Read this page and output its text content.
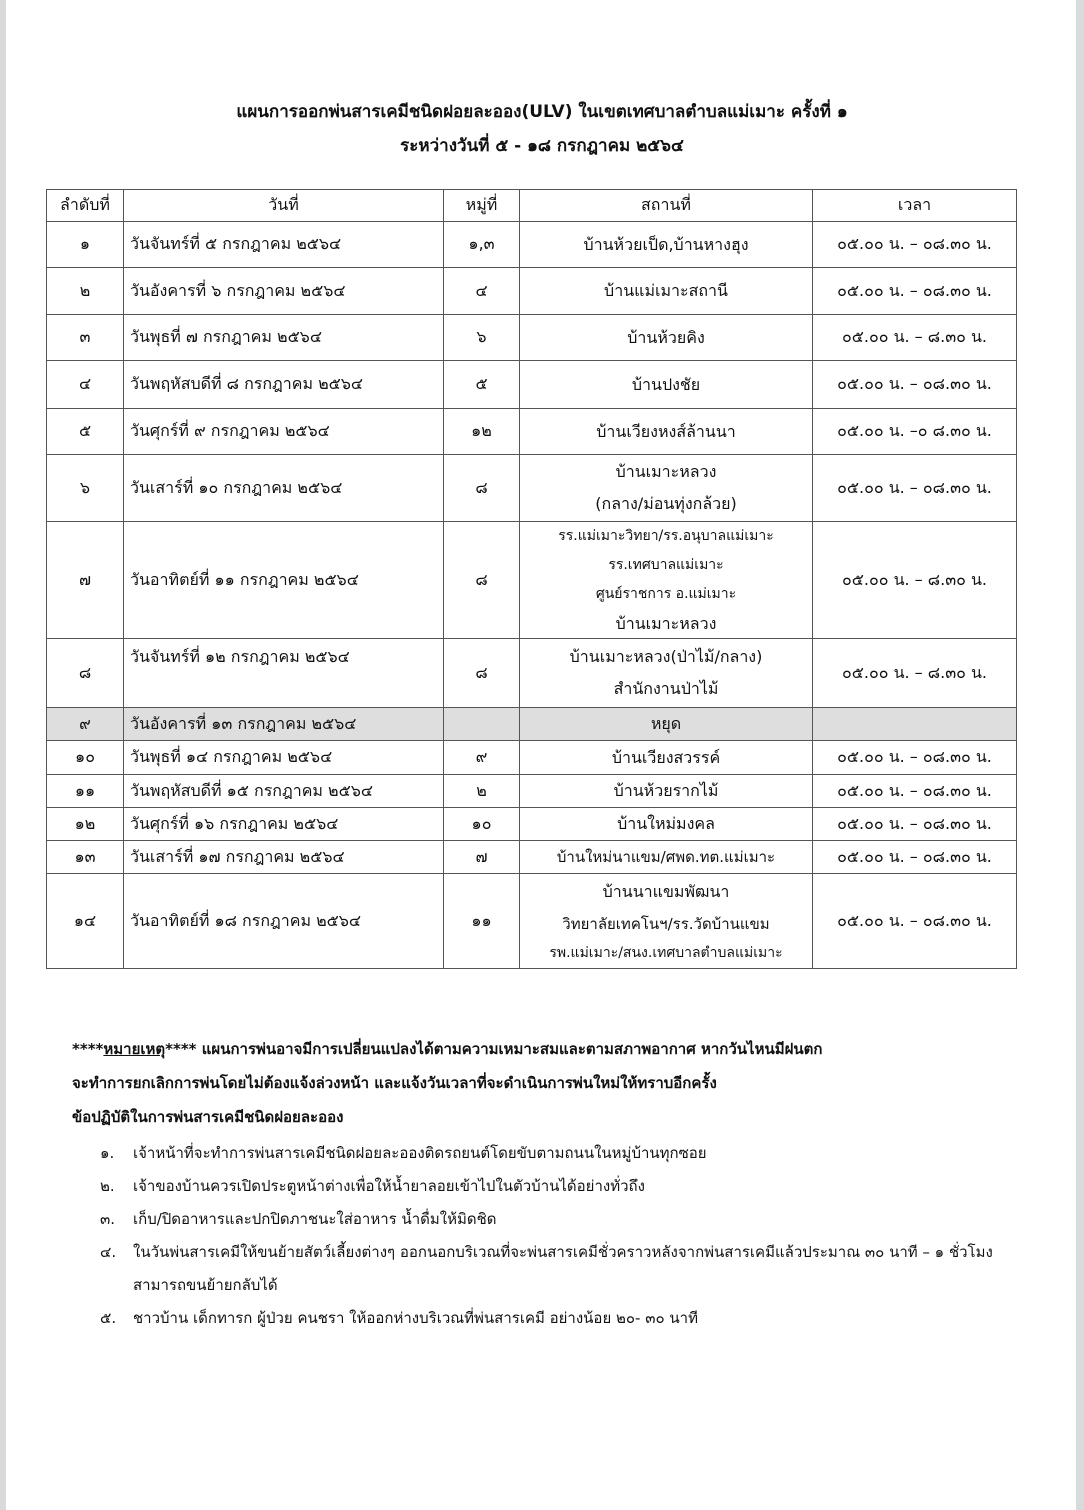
แผนการออกพ่นสารเคมีชนิดฝอยละออง(ULV) ในเขตเทศบาลตำบลแม่เมาะ ครั้งที่ ๑
ระหว่างวันที่ ๕ - ๑๘ กรกฎาคม ๒๕๖๔
ลำดับที่	วันที่	หมู่ที่	สถานที่	เวลา
๑	วันจันทร์ที่ ๕ กรกฎาคม ๒๕๖๔	๑,๓	บ้านห้วยเป็ด,บ้านหางฮุง	๐๕.๐๐ น. – ๐๘.๓๐ น.
๒	วันอังคารที่ ๖ กรกฎาคม ๒๕๖๔	๔	บ้านแม่เมาะสถานี	๐๕.๐๐ น. – ๐๘.๓๐ น.
๓	วันพุธที่ ๗ กรกฎาคม ๒๕๖๔	๖	บ้านห้วยคิง	๐๕.๐๐ น. – ๘.๓๐ น.
๔	วันพฤหัสบดีที่ ๘ กรกฎาคม ๒๕๖๔	๕	บ้านปงชัย	๐๕.๐๐ น. – ๐๘.๓๐ น.
๕	วันศุกร์ที่ ๙ กรกฎาคม ๒๕๖๔	๑๒	บ้านเวียงหงส์ล้านนา	๐๕.๐๐ น. –๐ ๘.๓๐ น.
๖	วันเสาร์ที่ ๑๐ กรกฎาคม ๒๕๖๔	๘	บ้านเมาะหลวง
(กลาง/ม่อนทุ่งกล้วย)	๐๕.๐๐ น. – ๐๘.๓๐ น.
๗	วันอาทิตย์ที่ ๑๑ กรกฎาคม ๒๕๖๔	๘	รร.แม่เมาะวิทยา/รร.อนุบาลแม่เมาะ
รร.เทศบาลแม่เมาะ
ศูนย์ราชการ อ.แม่เมาะ
บ้านเมาะหลวง	๐๕.๐๐ น. – ๘.๓๐ น.
๘	วันจันทร์ที่ ๑๒ กรกฎาคม ๒๕๖๔	๘	บ้านเมาะหลวง(ป่าไม้/กลาง)
สำนักงานป่าไม้	๐๕.๐๐ น. – ๘.๓๐ น.
๙	วันอังคารที่ ๑๓ กรกฎาคม ๒๕๖๔		หยุด	
๑๐	วันพุธที่ ๑๔ กรกฎาคม ๒๕๖๔	๙	บ้านเวียงสวรรค์	๐๕.๐๐ น. – ๐๘.๓๐ น.
๑๑	วันพฤหัสบดีที่ ๑๕ กรกฎาคม ๒๕๖๔	๒	บ้านห้วยรากไม้	๐๕.๐๐ น. – ๐๘.๓๐ น.
๑๒	วันศุกร์ที่ ๑๖ กรกฎาคม ๒๕๖๔	๑๐	บ้านใหม่มงคล	๐๕.๐๐ น. – ๐๘.๓๐ น.
๑๓	วันเสาร์ที่ ๑๗ กรกฎาคม ๒๕๖๔	๗	บ้านใหม่นาแขม/ศพด.ทต.แม่เมาะ	๐๕.๐๐ น. – ๐๘.๓๐ น.
๑๔	วันอาทิตย์ที่ ๑๘ กรกฎาคม ๒๕๖๔	๑๑	บ้านนาแขมพัฒนา
วิทยาลัยเทคโนฯ/รร.วัดบ้านแขม
รพ.แม่เมาะ/สนง.เทศบาลตำบลแม่เมาะ	๐๕.๐๐ น. – ๐๘.๓๐ น.
****หมายเหตุ**** แผนการพ่นอาจมีการเปลี่ยนแปลงได้ตามความเหมาะสมและตามสภาพอากาศ หากวันไหนมีฝนตก
จะทำการยกเลิกการพ่นโดยไม่ต้องแจ้งล่วงหน้า และแจ้งวันเวลาที่จะดำเนินการพ่นใหม่ให้ทราบอีกครั้ง
ข้อปฏิบัติในการพ่นสารเคมีชนิดฝอยละออง
๑.	เจ้าหน้าที่จะทำการพ่นสารเคมีชนิดฝอยละอองติดรถยนต์โดยขับตามถนนในหมู่บ้านทุกซอย
๒.	เจ้าของบ้านควรเปิดประตูหน้าต่างเพื่อให้น้ำยาลอยเข้าไปในตัวบ้านได้อย่างทั่วถึง
๓.	เก็บ/ปิดอาหารและปกปิดภาชนะใส่อาหาร น้ำดื่มให้มิดชิด
๔.	ในวันพ่นสารเคมีให้ขนย้ายสัตว์เลี้ยงต่างๆ ออกนอกบริเวณที่จะพ่นสารเคมีชั่วคราวหลังจากพ่นสารเคมีแล้วประมาณ ๓๐ นาที – ๑ ชั่วโมงสามารถขนย้ายกลับได้
๕.	ชาวบ้าน เด็กทารก ผู้ป่วย คนชรา ให้ออกห่างบริเวณที่พ่นสารเคมี อย่างน้อย ๒๐- ๓๐ นาที
